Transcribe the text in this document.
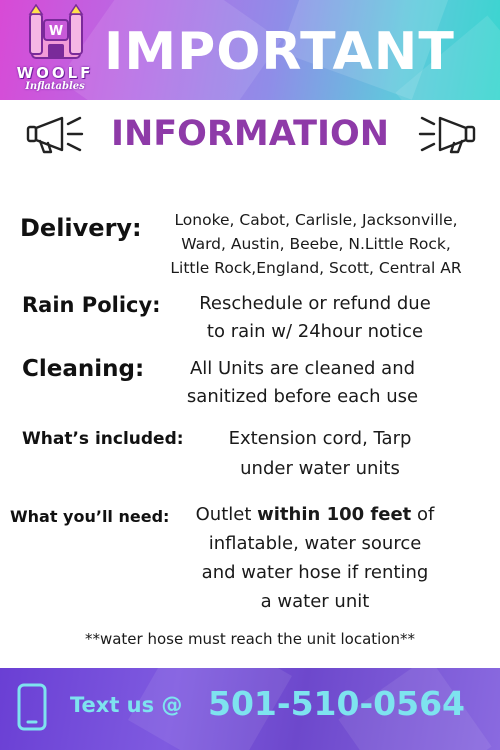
W
WOOLF
Inflatables
IMPORTANT
INFORMATION
Delivery:	Lonoke, Cabot, Carlisle, Jacksonville,
Ward, Austin, Beebe, N.Little Rock,
Little Rock,England, Scott, Central AR
Rain Policy:	Reschedule or refund due
to rain w/ 24hour notice
Cleaning:	All Units are cleaned and
sanitized before each use
What’s included:	Extension cord, Tarp
under water units
What you’ll need:	Outlet within 100 feet of
inflatable, water source
and water hose if renting
a water unit
**water hose must reach the unit location**
Text us @ 501-510-0564
